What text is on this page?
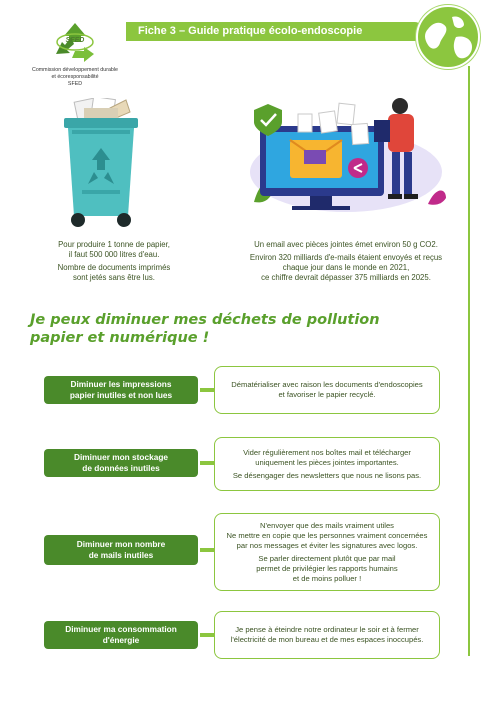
SFED
Commission développement durable
et écoresponsabilité
SFED
Fiche 3 – Guide pratique écolo-endoscopie

Pour produire 1 tonne de papier,
il faut 500 000 litres d'eau.

Nombre de documents imprimés
sont jetés sans être lus.

Un email avec pièces jointes émet environ 50 g CO2.

Environ 320 milliards d'e-mails étaient envoyés et reçus
chaque jour dans le monde en 2021,
ce chiffre devrait dépasser 375 milliards en 2025.

Je peux diminuer mes déchets de pollution
papier et numérique !
Diminuer les impressions
papier inutiles et non lues

Dématérialiser avec raison les documents d'endoscopies
et favoriser le papier recyclé.

Diminuer mon stockage
de données inutiles

Vider régulièrement nos boîtes mail et télécharger
uniquement les pièces jointes importantes.

Se désengager des newsletters que nous ne lisons pas.

Diminuer mon nombre
de mails inutiles

N'envoyer que des mails vraiment utiles
Ne mettre en copie que les personnes vraiment concernées
par nos messages et éviter les signatures avec logos.

Se parler directement plutôt que par mail
permet de privilégier les rapports humains
et de moins polluer !

Diminuer ma consommation
d'énergie

Je pense à éteindre notre ordinateur le soir et à fermer
l'électricité de mon bureau et de mes espaces inoccupés.
